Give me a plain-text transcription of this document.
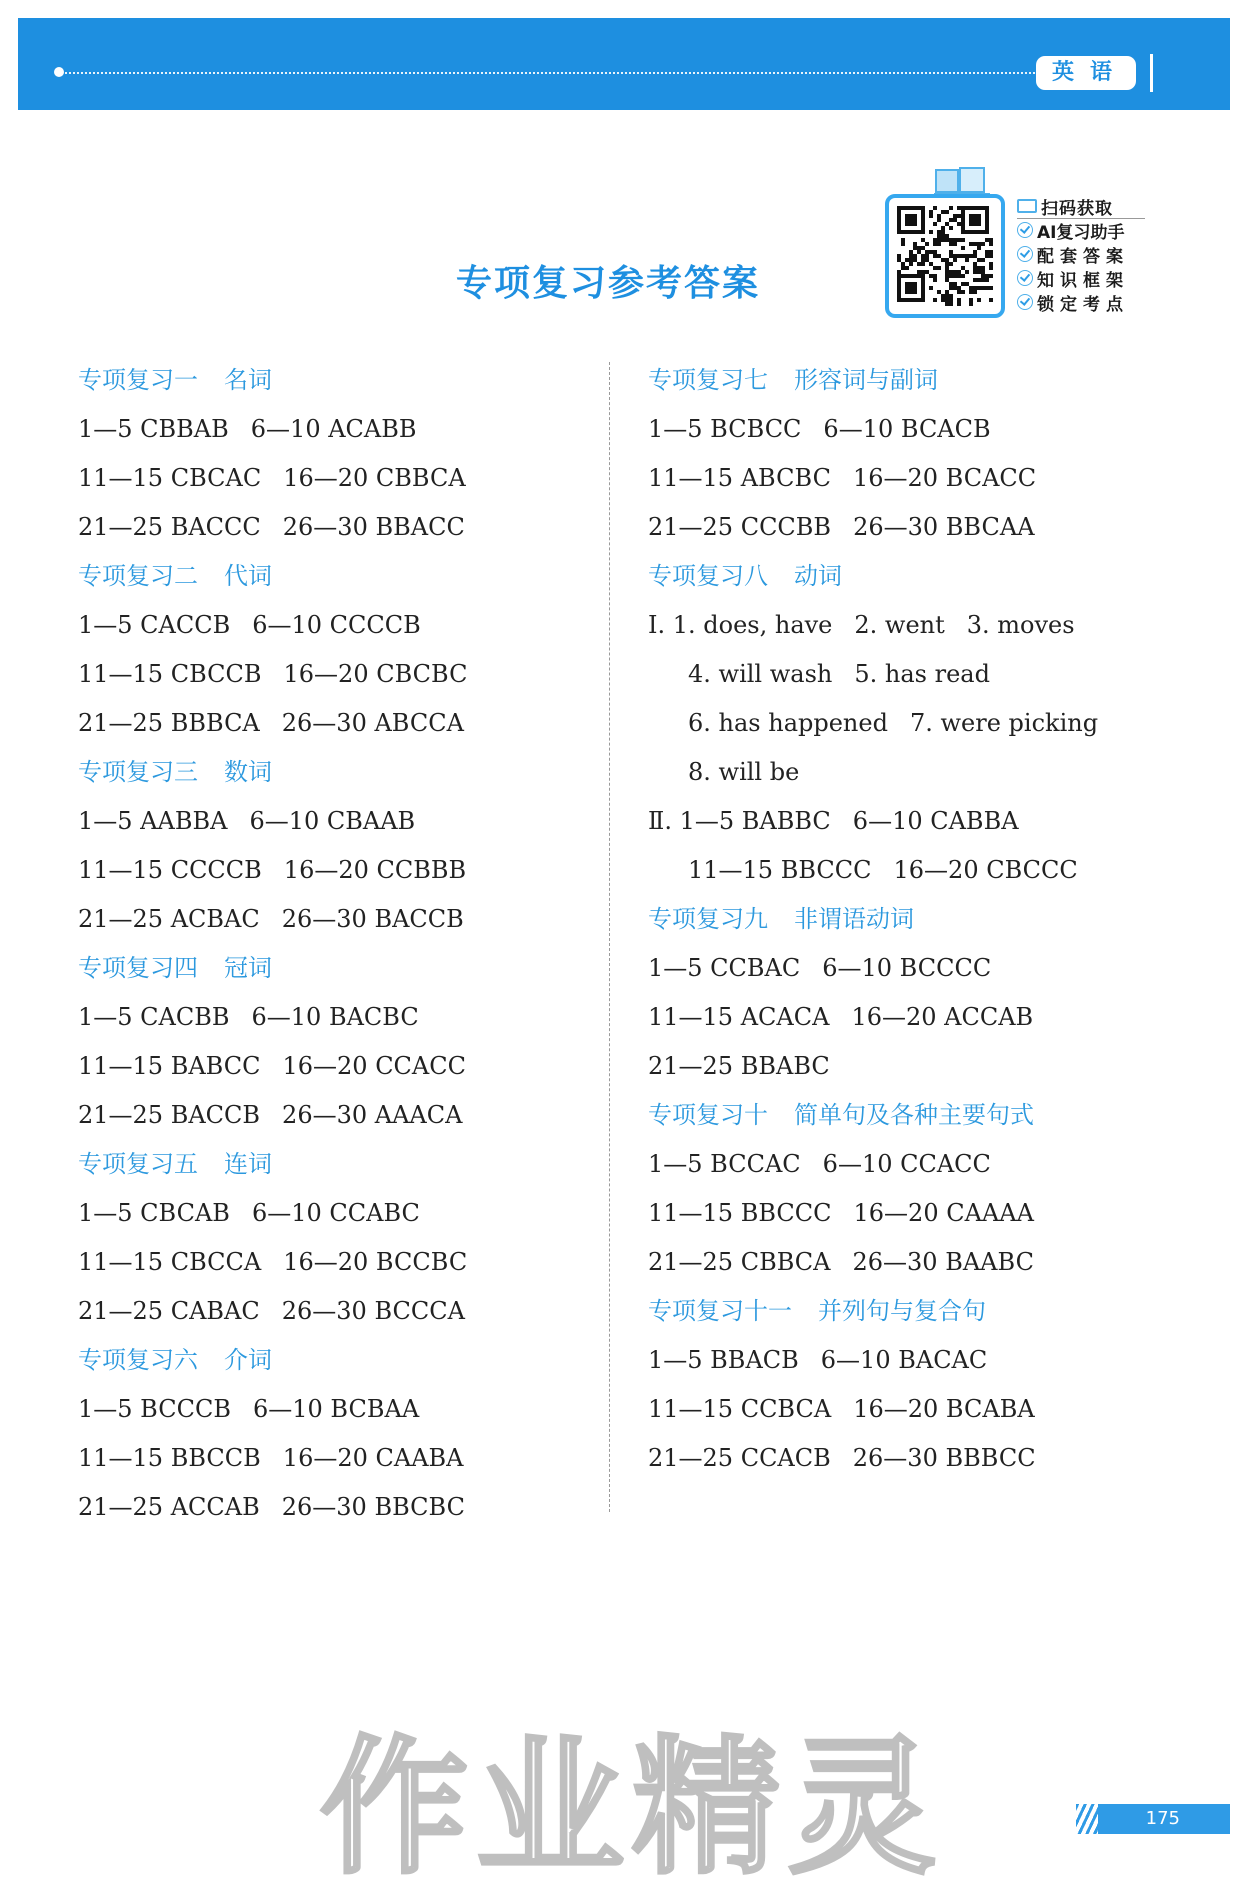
英语
专项复习参考答案
扫码获取
AI复习助手
配套答案
知识框架
锁定考点
专项复习一 名词
1—5 CBBAB 6—10 ACABB
11—15 CBCAC 16—20 CBBCA
21—25 BACCC 26—30 BBACC
专项复习二 代词
1—5 CACCB 6—10 CCCCB
11—15 CBCCB 16—20 CBCBC
21—25 BBBCA 26—30 ABCCA
专项复习三 数词
1—5 AABBA 6—10 CBAAB
11—15 CCCCB 16—20 CCBBB
21—25 ACBAC 26—30 BACCB
专项复习四 冠词
1—5 CACBB 6—10 BACBC
11—15 BABCC 16—20 CCACC
21—25 BACCB 26—30 AAACA
专项复习五 连词
1—5 CBCAB 6—10 CCABC
11—15 CBCCA 16—20 BCCBC
21—25 CABAC 26—30 BCCCA
专项复习六 介词
1—5 BCCCB 6—10 BCBAA
11—15 BBCCB 16—20 CAABA
21—25 ACCAB 26—30 BBCBC
专项复习七 形容词与副词
1—5 BCBCC 6—10 BCACB
11—15 ABCBC 16—20 BCACC
21—25 CCCBB 26—30 BBCAA
专项复习八 动词
Ⅰ. 1. does, have 2. went 3. moves
4. will wash 5. has read
6. has happened 7. were picking
8. will be
Ⅱ. 1—5 BABBC 6—10 CABBA
11—15 BBCCC 16—20 CBCCC
专项复习九 非谓语动词
1—5 CCBAC 6—10 BCCCC
11—15 ACACA 16—20 ACCAB
21—25 BBABC
专项复习十 简单句及各种主要句式
1—5 BCCAC 6—10 CCACC
11—15 BBCCC 16—20 CAAAA
21—25 CBBCA 26—30 BAABC
专项复习十一 并列句与复合句
1—5 BBACB 6—10 BACAC
11—15 CCBCA 16—20 BCABA
21—25 CCACB 26—30 BBBCC
作业精灵	175
